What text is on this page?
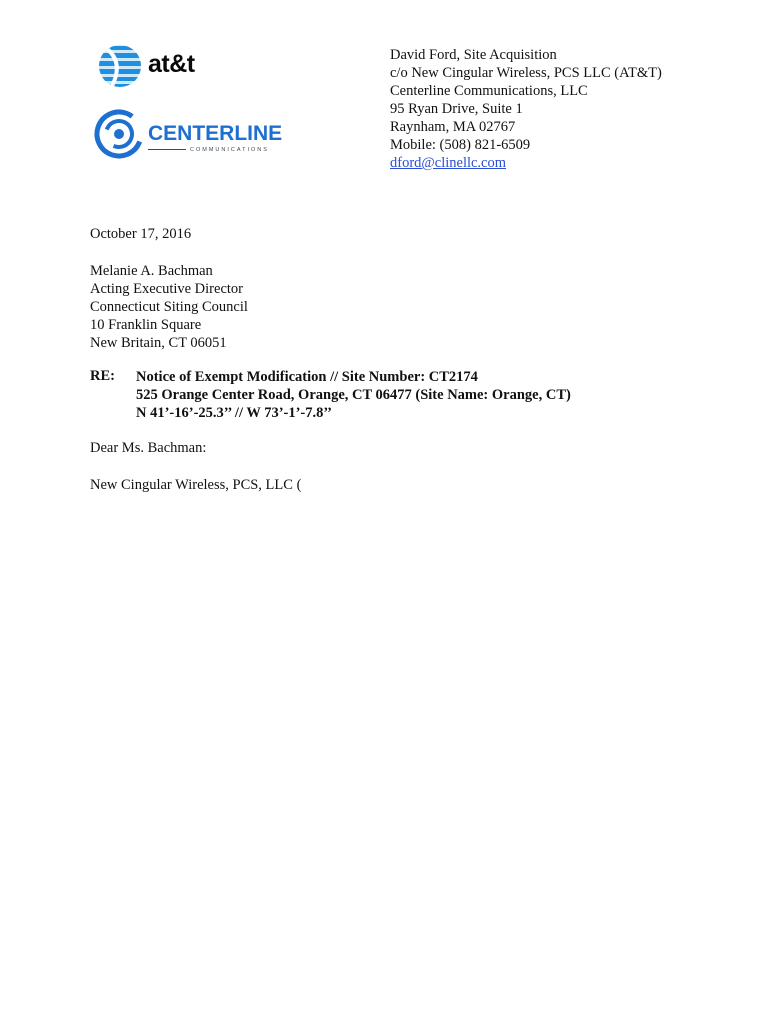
at&t
CENTERLINE
COMMUNICATIONS
David Ford, Site Acquisition
c/o New Cingular Wireless, PCS LLC (AT&T)
Centerline Communications, LLC
95 Ryan Drive, Suite 1
Raynham, MA 02767
Mobile: (508) 821-6509
dford@clinellc.com
October 17, 2016
Melanie A. Bachman
Acting Executive Director
Connecticut Siting Council
10 Franklin Square
New Britain, CT 06051
RE: Notice of Exempt Modification // Site Number: CT2174
525 Orange Center Road, Orange, CT 06477 (Site Name: Orange, CT)
N 41’-16’-25.3’’ // W 73’-1’-7.8’’
Dear Ms. Bachman:
New Cingular Wireless, PCS, LLC (
